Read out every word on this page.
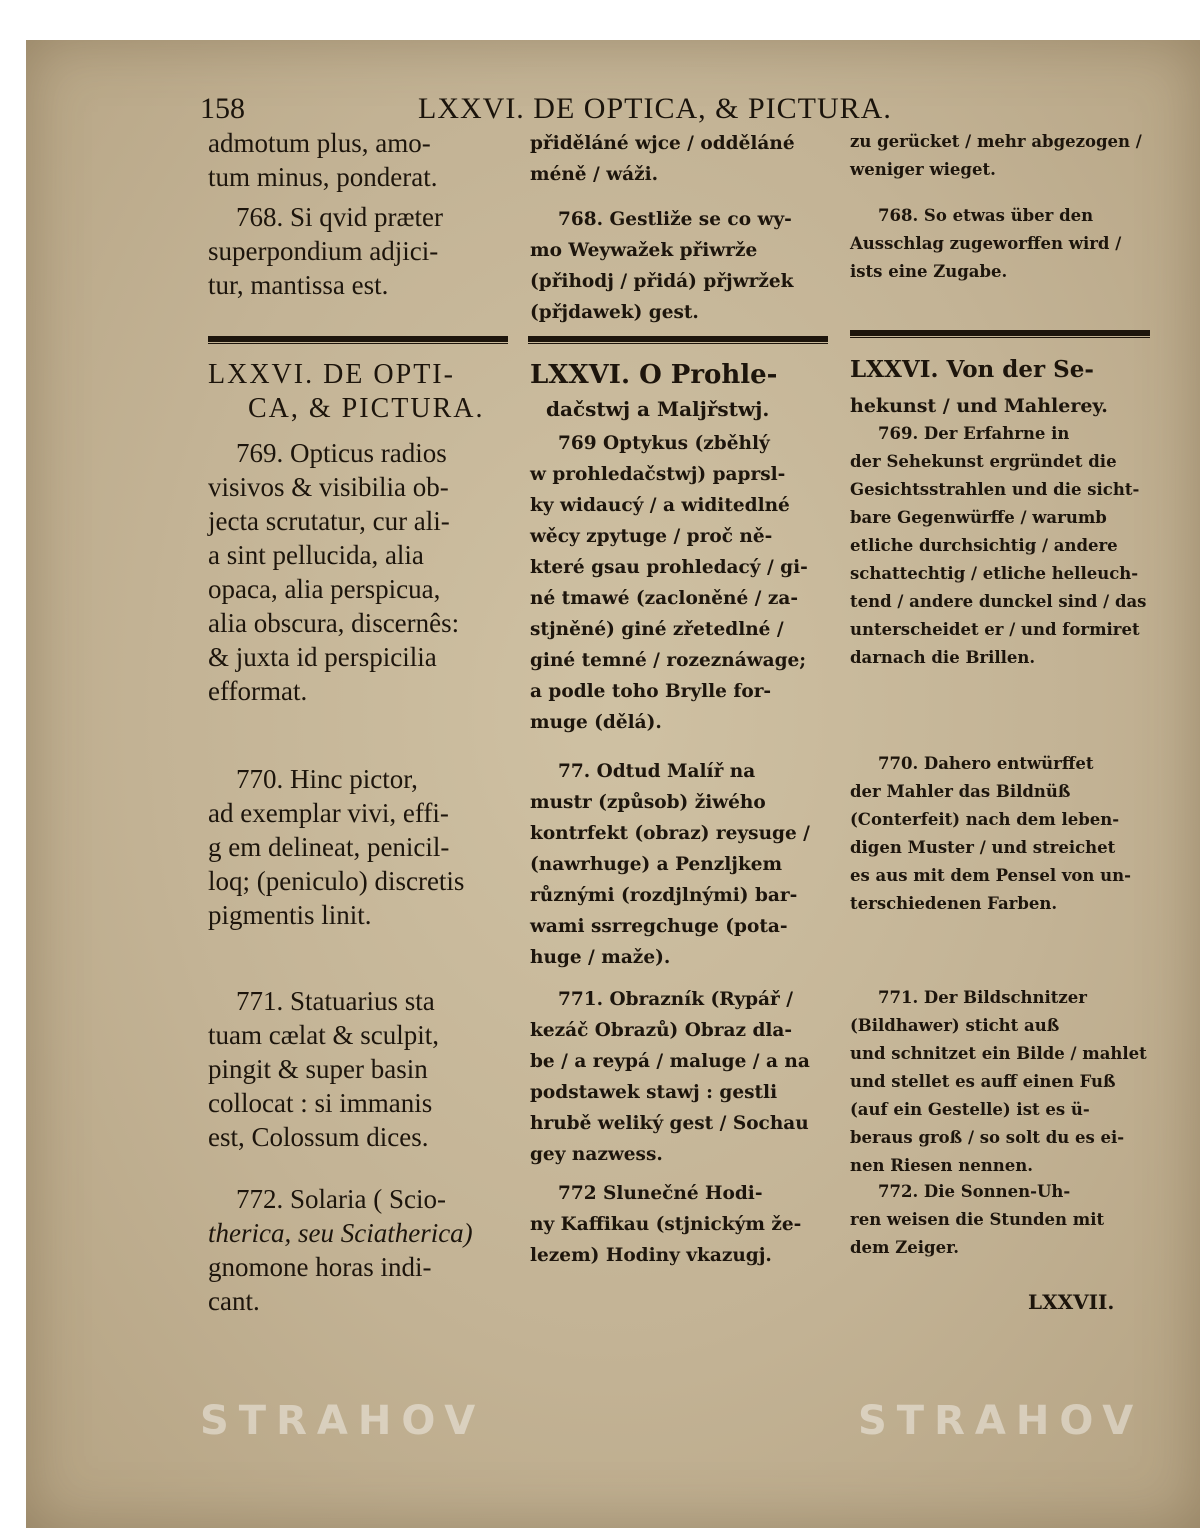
158	LXXVI. DE OPTICA, & PICTURA.

admotum plus, amo-

tum minus, ponderat.

768. Si qvid præter

superpondium adjici-

tur, mantissa est.

LXXVI. DE OPTI-

CA, & PICTURA.

769. Opticus radios

visivos & visibilia ob-

jecta scrutatur, cur ali-

a sint pellucida, alia

opaca, alia perspicua,

alia obscura, discernês:

& juxta id perspicilia

efformat.

770. Hinc pictor,

ad exemplar vivi, effi-

g em delineat, penicil-

loq; (peniculo) discretis

pigmentis linit.

771. Statuarius sta

tuam cælat & sculpit,

pingit & super basin

collocat : si immanis

est, Colossum dices.

772. Solaria ( Scio-

therica, seu Sciatherica)

gnomone horas indi-

cant.

přiděláné wjce / odděláné

méně / wáži.

768. Gestliže se co wy-

mo Weywažek přiwrže

(přihodj / přidá) přjwržek

(přjdawek) gest.

LXXVI. O Prohle-

dačstwj a Maljřstwj.

769 Optykus (zběhlý

w prohledačstwj) paprsl-

ky widaucý / a widitedlné

wěcy zpytuge / proč ně-

které gsau prohledacý / gi-

né tmawé (zacloněné / za-

stjněné) giné zřetedlné /

giné temné / rozeznáwage;

a podle toho Brylle for-

muge (dělá).

77. Odtud Malíř na

mustr (způsob) žiwého

kontrfekt (obraz) reysuge /

(nawrhuge) a Penzljkem

různými (rozdjlnými) bar-

wami ssrregchuge (pota-

huge / maže).

771. Obrazník (Rypář /

kezáč Obrazů) Obraz dla-

be / a reypá / maluge / a na

podstawek stawj : gestli

hrubě weliký gest / Sochau

gey nazwess.

772 Slunečné Hodi-

ny Kaffikau (stjnickým že-

lezem) Hodiny vkazugj.

zu gerücket / mehr abgezogen /

weniger wieget.

768. So etwas über den

Ausschlag zugeworffen wird /

ists eine Zugabe.

LXXVI. Von der Se-

hekunst / und Mahlerey.

769. Der Erfahrne in

der Sehekunst ergründet die

Gesichtsstrahlen und die sicht-

bare Gegenwürffe / warumb

etliche durchsichtig / andere

schattechtig / etliche helleuch-

tend / andere dunckel sind / das

unterscheidet er / und formiret

darnach die Brillen.

770. Dahero entwürffet

der Mahler das Bildnüß

(Conterfeit) nach dem leben-

digen Muster / und streichet

es aus mit dem Pensel von un-

terschiedenen Farben.

771. Der Bildschnitzer

(Bildhawer) sticht auß

und schnitzet ein Bilde / mahlet

und stellet es auff einen Fuß

(auf ein Gestelle) ist es ü-

beraus groß / so solt du es ei-

nen Riesen nennen.

772. Die Sonnen-Uh-

ren weisen die Stunden mit

dem Zeiger.

LXXVII.
STRAHOV	STRAHOV
